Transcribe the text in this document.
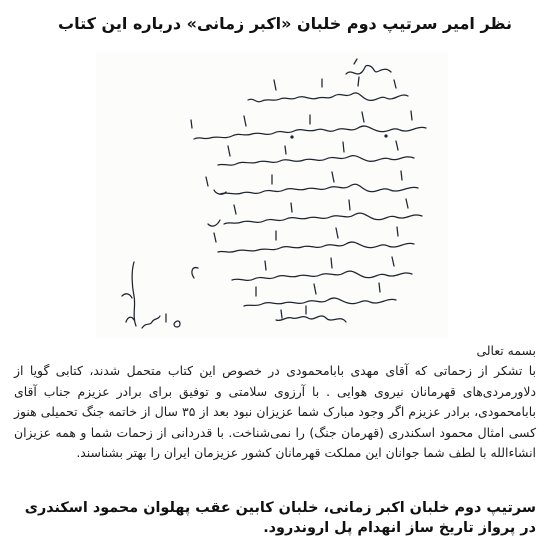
نظر امیر سرتیپ دوم خلبان «اکبر زمانی» درباره این کتاب
بسمه تعالی
با تشکر از زحماتی که آقای مهدی بابامحمودی در خصوص این کتاب متحمل شدند، کتابی گویا از دلاورمردی‌های قهرمانان نیروی هوایی . با آرزوی سلامتی و توفیق برای برادر عزیزم جناب آقای بابامحمودی، برادر عزیزم اگر وجود مبارک شما عزیزان نبود بعد از ۳۵ سال از خاتمه جنگ تحمیلی هنوز کسی امثال محمود اسکندری (قهرمان جنگ) را نمی‌شناخت. با قدردانی از زحمات شما و همه عزیزان انشاءالله با لطف شما جوانان این مملکت قهرمانان کشور عزیزمان ایران را بهتر بشناسند.
سرتیپ دوم خلبان اکبر زمانی، خلبان کابین عقب پهلوان محمود اسکندری در پرواز تاریخ ساز انهدام پل اروندرود.
